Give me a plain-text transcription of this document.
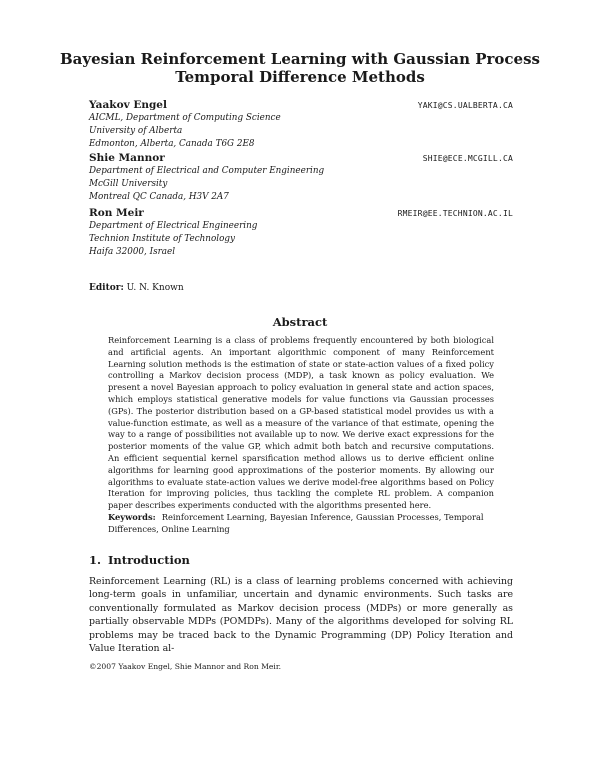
Bayesian Reinforcement Learning with Gaussian Process
Temporal Difference Methods
Yaakov Engel	YAKI@CS.UALBERTA.CA
AICML, Department of Computing Science
University of Alberta
Edmonton, Alberta, Canada T6G 2E8
Shie Mannor	SHIE@ECE.MCGILL.CA
Department of Electrical and Computer Engineering
McGill University
Montreal QC Canada, H3V 2A7
Ron Meir	RMEIR@EE.TECHNION.AC.IL
Department of Electrical Engineering
Technion Institute of Technology
Haifa 32000, Israel
Editor: U. N. Known
Abstract
Reinforcement Learning is a class of problems frequently encountered by both biological and artificial agents. An important algorithmic component of many Reinforcement Learning solution methods is the estimation of state or state-action values of a fixed policy controlling a Markov decision process (MDP), a task known as policy evaluation. We present a novel Bayesian approach to policy evaluation in general state and action spaces, which employs statistical generative models for value functions via Gaussian processes (GPs). The posterior distribution based on a GP-based statistical model provides us with a value-function estimate, as well as a measure of the variance of that estimate, opening the way to a range of possibilities not available up to now. We derive exact expressions for the posterior moments of the value GP, which admit both batch and recursive computations. An efficient sequential kernel sparsification method allows us to derive efficient online algorithms for learning good approximations of the posterior moments. By allowing our algorithms to evaluate state-action values we derive model-free algorithms based on Policy Iteration for improving policies, thus tackling the complete RL problem. A companion paper describes experiments conducted with the algorithms presented here.
Keywords: Reinforcement Learning, Bayesian Inference, Gaussian Processes, Temporal Differences, Online Learning
1. Introduction
Reinforcement Learning (RL) is a class of learning problems concerned with achieving long-term goals in unfamiliar, uncertain and dynamic environments. Such tasks are conventionally formulated as Markov decision process (MDPs) or more generally as partially observable MDPs (POMDPs). Many of the algorithms developed for solving RL problems may be traced back to the Dynamic Programming (DP) Policy Iteration and Value Iteration al-
©2007 Yaakov Engel, Shie Mannor and Ron Meir.
